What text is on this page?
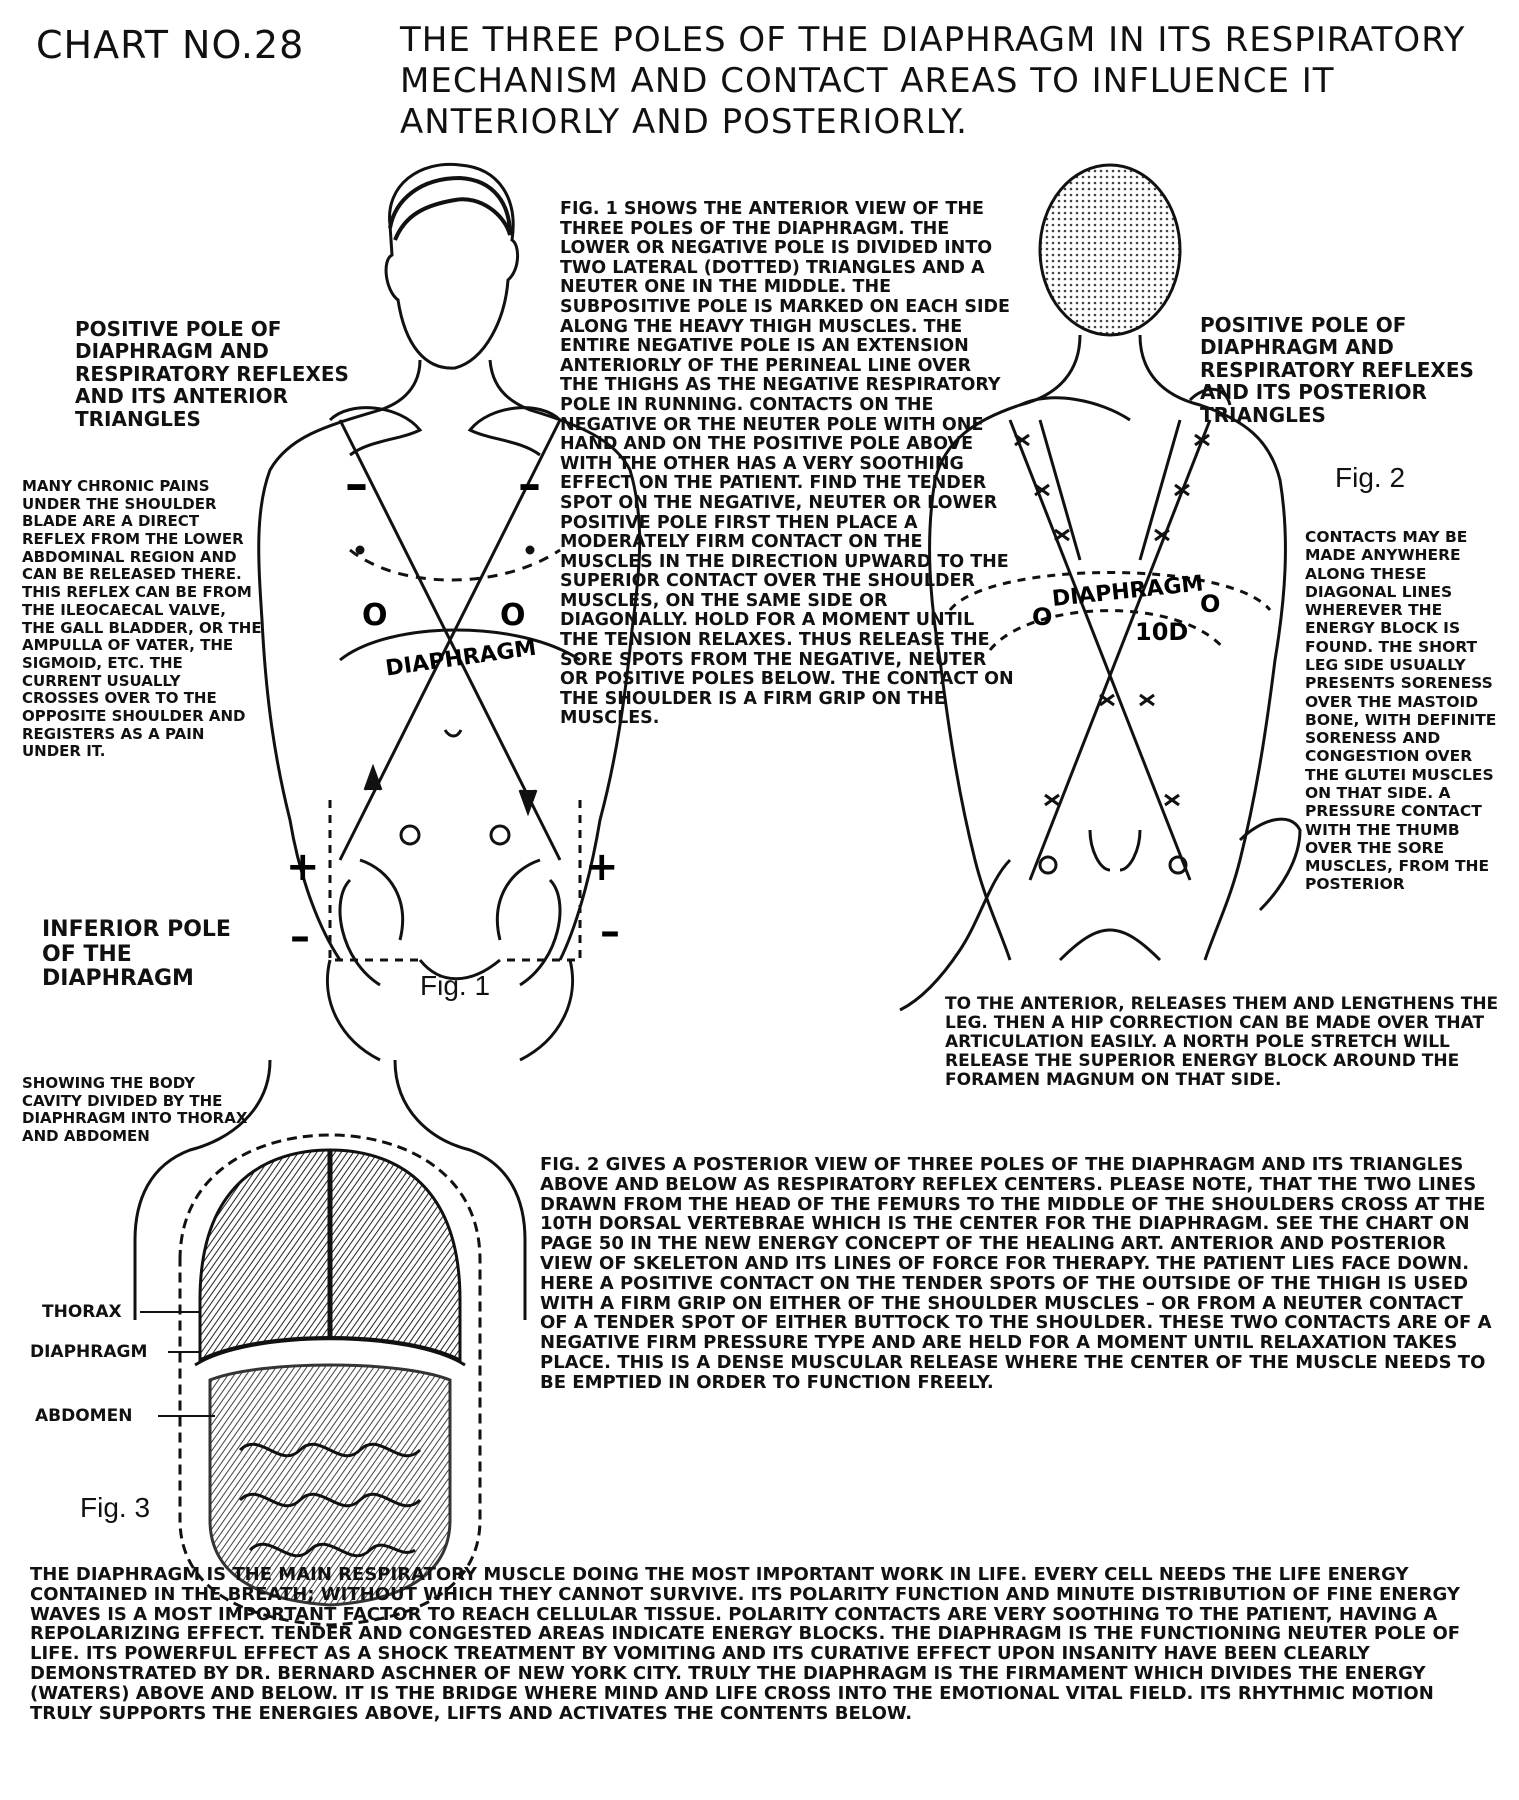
CHART NO.28	THE THREE POLES OF THE DIAPHRAGM IN ITS RESPIRATORY MECHANISM AND CONTACT AREAS TO INFLUENCE IT ANTERIORLY AND POSTERIORLY.
–	–
O	O
DIAPHRAGM
+	+
–	–
O
DIAPHRAGM
O
10D
POSITIVE POLE OF DIAPHRAGM AND RESPIRATORY REFLEXES AND ITS ANTERIOR TRIANGLES
MANY CHRONIC PAINS UNDER THE SHOULDER BLADE ARE A DIRECT REFLEX FROM THE LOWER ABDOMINAL REGION AND CAN BE RELEASED THERE. THIS REFLEX CAN BE FROM THE ILEOCAECAL VALVE, THE GALL BLADDER, OR THE AMPULLA OF VATER, THE SIGMOID, ETC. THE CURRENT USUALLY CROSSES OVER TO THE OPPOSITE SHOULDER AND REGISTERS AS A PAIN UNDER IT.
INFERIOR POLE OF THE DIAPHRAGM	Fig. 1
FIG. 1 SHOWS THE ANTERIOR VIEW OF THE THREE POLES OF THE DIAPHRAGM. THE LOWER OR NEGATIVE POLE IS DIVIDED INTO TWO LATERAL (DOTTED) TRIANGLES AND A NEUTER ONE IN THE MIDDLE. THE SUBPOSITIVE POLE IS MARKED ON EACH SIDE ALONG THE HEAVY THIGH MUSCLES. THE ENTIRE NEGATIVE POLE IS AN EXTENSION ANTERIORLY OF THE PERINEAL LINE OVER THE THIGHS AS THE NEGATIVE RESPIRATORY POLE IN RUNNING. CONTACTS ON THE NEGATIVE OR THE NEUTER POLE WITH ONE HAND AND ON THE POSITIVE POLE ABOVE WITH THE OTHER HAS A VERY SOOTHING EFFECT ON THE PATIENT. FIND THE TENDER SPOT ON THE NEGATIVE, NEUTER OR LOWER POSITIVE POLE FIRST THEN PLACE A MODERATELY FIRM CONTACT ON THE MUSCLES IN THE DIRECTION UPWARD TO THE SUPERIOR CONTACT OVER THE SHOULDER MUSCLES, ON THE SAME SIDE OR DIAGONALLY. HOLD FOR A MOMENT UNTIL THE TENSION RELAXES. THUS RELEASE THE SORE SPOTS FROM THE NEGATIVE, NEUTER OR POSITIVE POLES BELOW. THE CONTACT ON THE SHOULDER IS A FIRM GRIP ON THE MUSCLES.
POSITIVE POLE OF DIAPHRAGM AND RESPIRATORY REFLEXES AND ITS POSTERIOR TRIANGLES
Fig. 2
CONTACTS MAY BE MADE ANYWHERE ALONG THESE DIAGONAL LINES WHEREVER THE ENERGY BLOCK IS FOUND. THE SHORT LEG SIDE USUALLY PRESENTS SORENESS OVER THE MASTOID BONE, WITH DEFINITE SORENESS AND CONGESTION OVER THE GLUTEI MUSCLES ON THAT SIDE. A PRESSURE CONTACT WITH THE THUMB OVER THE SORE MUSCLES, FROM THE POSTERIOR
TO THE ANTERIOR, RELEASES THEM AND LENGTHENS THE LEG. THEN A HIP CORRECTION CAN BE MADE OVER THAT ARTICULATION EASILY. A NORTH POLE STRETCH WILL RELEASE THE SUPERIOR ENERGY BLOCK AROUND THE FORAMEN MAGNUM ON THAT SIDE.
FIG. 2 GIVES A POSTERIOR VIEW OF THREE POLES OF THE DIAPHRAGM AND ITS TRIANGLES ABOVE AND BELOW AS RESPIRATORY REFLEX CENTERS. PLEASE NOTE, THAT THE TWO LINES DRAWN FROM THE HEAD OF THE FEMURS TO THE MIDDLE OF THE SHOULDERS CROSS AT THE 10TH DORSAL VERTEBRAE WHICH IS THE CENTER FOR THE DIAPHRAGM. SEE THE CHART ON PAGE 50 IN THE NEW ENERGY CONCEPT OF THE HEALING ART. ANTERIOR AND POSTERIOR VIEW OF SKELETON AND ITS LINES OF FORCE FOR THERAPY. THE PATIENT LIES FACE DOWN. HERE A POSITIVE CONTACT ON THE TENDER SPOTS OF THE OUTSIDE OF THE THIGH IS USED WITH A FIRM GRIP ON EITHER OF THE SHOULDER MUSCLES – OR FROM A NEUTER CONTACT OF A TENDER SPOT OF EITHER BUTTOCK TO THE SHOULDER. THESE TWO CONTACTS ARE OF A NEGATIVE FIRM PRESSURE TYPE AND ARE HELD FOR A MOMENT UNTIL RELAXATION TAKES PLACE. THIS IS A DENSE MUSCULAR RELEASE WHERE THE CENTER OF THE MUSCLE NEEDS TO BE EMPTIED IN ORDER TO FUNCTION FREELY.
SHOWING THE BODY CAVITY DIVIDED BY THE DIAPHRAGM INTO THORAX AND ABDOMEN
THORAX
DIAPHRAGM
ABDOMEN
Fig. 3
THE DIAPHRAGM IS THE MAIN RESPIRATORY MUSCLE DOING THE MOST IMPORTANT WORK IN LIFE. EVERY CELL NEEDS THE LIFE ENERGY CONTAINED IN THE BREATH; WITHOUT WHICH THEY CANNOT SURVIVE. ITS POLARITY FUNCTION AND MINUTE DISTRIBUTION OF FINE ENERGY WAVES IS A MOST IMPORTANT FACTOR TO REACH CELLULAR TISSUE. POLARITY CONTACTS ARE VERY SOOTHING TO THE PATIENT, HAVING A REPOLARIZING EFFECT. TENDER AND CONGESTED AREAS INDICATE ENERGY BLOCKS. THE DIAPHRAGM IS THE FUNCTIONING NEUTER POLE OF LIFE. ITS POWERFUL EFFECT AS A SHOCK TREATMENT BY VOMITING AND ITS CURATIVE EFFECT UPON INSANITY HAVE BEEN CLEARLY DEMONSTRATED BY DR. BERNARD ASCHNER OF NEW YORK CITY. TRULY THE DIAPHRAGM IS THE FIRMAMENT WHICH DIVIDES THE ENERGY (WATERS) ABOVE AND BELOW. IT IS THE BRIDGE WHERE MIND AND LIFE CROSS INTO THE EMOTIONAL VITAL FIELD. ITS RHYTHMIC MOTION TRULY SUPPORTS THE ENERGIES ABOVE, LIFTS AND ACTIVATES THE CONTENTS BELOW.
